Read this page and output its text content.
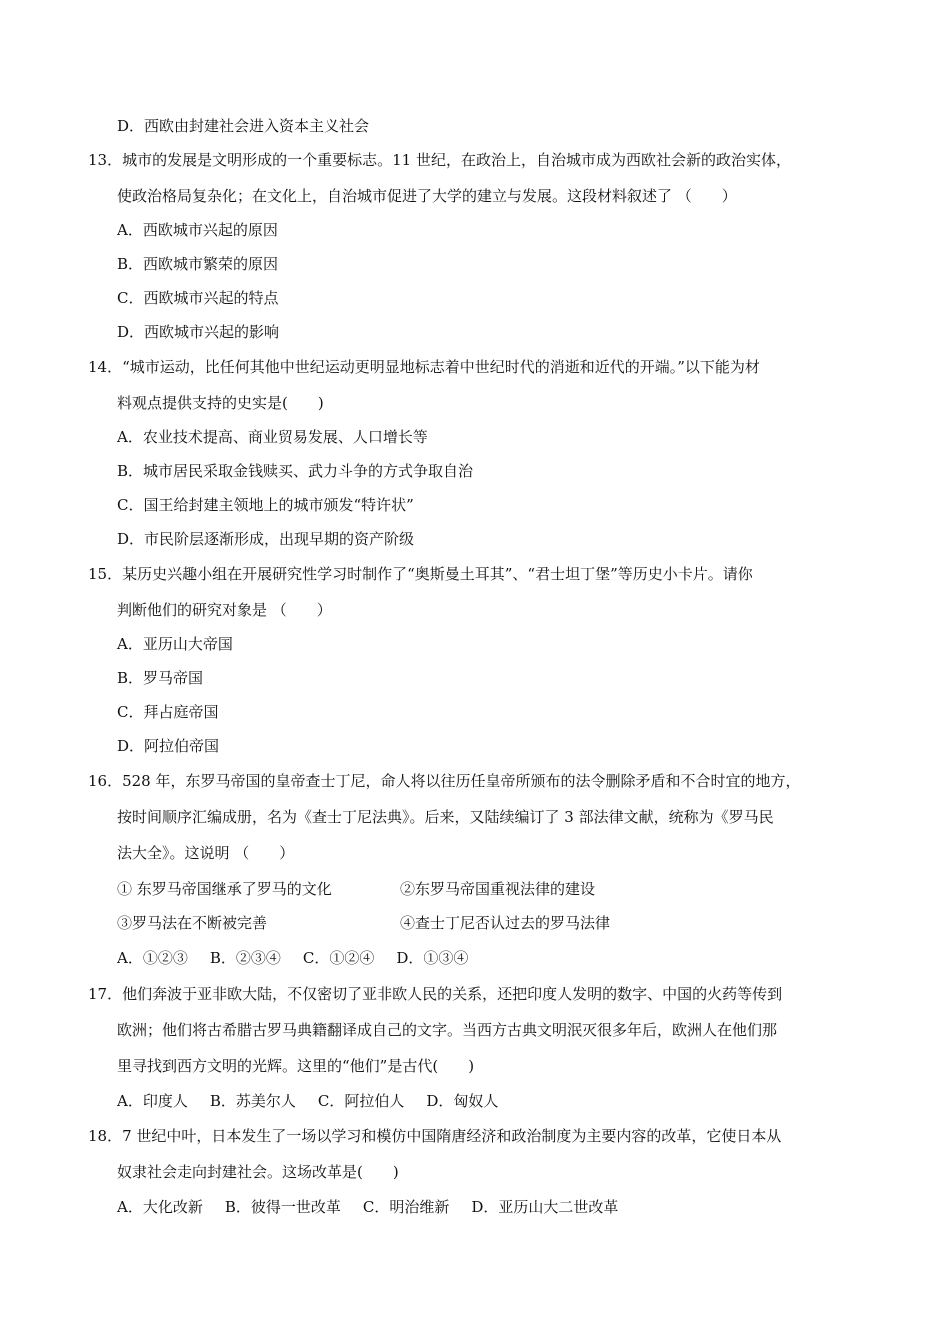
D．西欧由封建社会进入资本主义社会
13．城市的发展是文明形成的一个重要标志。11 世纪，在政治上，自治城市成为西欧社会新的政治实体，
使政治格局复杂化；在文化上，自治城市促进了大学的建立与发展。这段材料叙述了 （　　）
A．西欧城市兴起的原因
B．西欧城市繁荣的原因
C．西欧城市兴起的特点
D．西欧城市兴起的影响
14．“城市运动，比任何其他中世纪运动更明显地标志着中世纪时代的消逝和近代的开端。”以下能为材
料观点提供支持的史实是(　　)
A．农业技术提高、商业贸易发展、人口增长等
B．城市居民采取金钱赎买、武力斗争的方式争取自治
C．国王给封建主领地上的城市颁发“特许状”
D．市民阶层逐渐形成，出现早期的资产阶级
15．某历史兴趣小组在开展研究性学习时制作了“奥斯曼土耳其”、“君士坦丁堡”等历史小卡片。请你
判断他们的研究对象是 （　　）
A．亚历山大帝国
B．罗马帝国
C．拜占庭帝国
D．阿拉伯帝国
16．528 年，东罗马帝国的皇帝查士丁尼，命人将以往历任皇帝所颁布的法令删除矛盾和不合时宜的地方，
按时间顺序汇编成册，名为《查士丁尼法典》。后来，又陆续编订了 3 部法律文献，统称为《罗马民
法大全》。这说明 （　　）
① 东罗马帝国继承了罗马的文化	②东罗马帝国重视法律的建设
③罗马法在不断被完善	④查士丁尼否认过去的罗马法律
A．①②③ B．②③④ C．①②④ D．①③④
17．他们奔波于亚非欧大陆，不仅密切了亚非欧人民的关系，还把印度人发明的数字、中国的火药等传到
欧洲；他们将古希腊古罗马典籍翻译成自己的文字。当西方古典文明泯灭很多年后，欧洲人在他们那
里寻找到西方文明的光辉。这里的“他们”是古代(　　)
A．印度人 B．苏美尔人 C．阿拉伯人 D．匈奴人
18．7 世纪中叶，日本发生了一场以学习和模仿中国隋唐经济和政治制度为主要内容的改革，它使日本从
奴隶社会走向封建社会。这场改革是(　　)
A．大化改新 B．彼得一世改革 C．明治维新 D．亚历山大二世改革
